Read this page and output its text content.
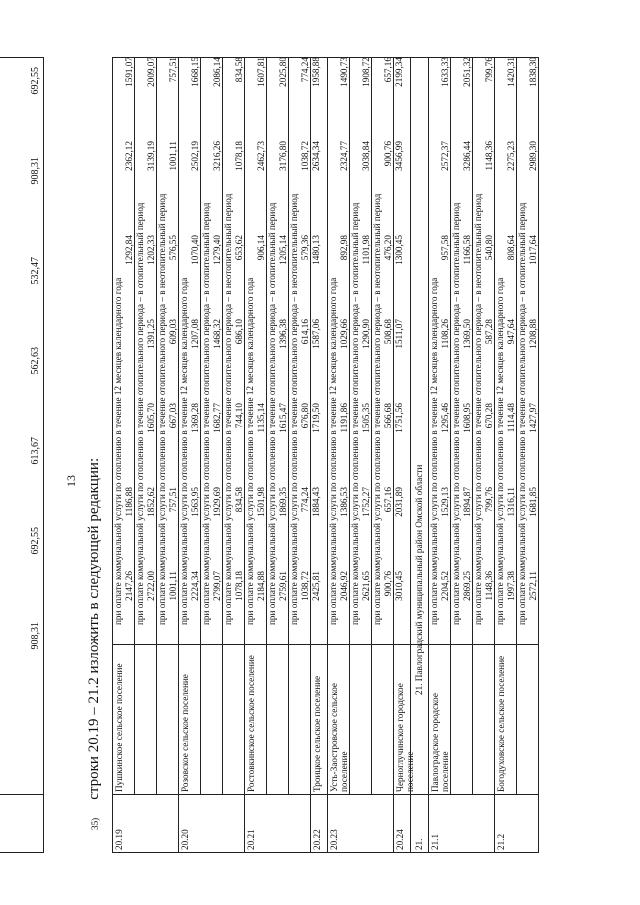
908,31
692,55
613,67
562,63
532,47
908,31
692,55
13
35)строки 20.19 – 21.2 изложить в следующей редакции:
при оплате коммунальной услуги по отоплению в течение 12 месяцев календарного года 2147,26
1186,88
1292,84
2362,12
1591,07
при оплате коммунальной услуги по отоплению в течение отопительного периода – в отопительный период 2722,00
1852,62
1605,70
1391,25
1202,33
3139,19
2009,07
при оплате коммунальной услуги по отоплению в течение отопительного периода – в неотопительный период 1001,11
757,51
667,03
609,03
576,55
1001,11
757,51
20.19
Пушкинское сельское поселение
при оплате коммунальной услуги по отоплению в течение 12 месяцев календарного года 2224,34
1563,95
1369,28
1207,08
1070,40
2502,19
1668,15
при оплате коммунальной услуги по отоплению в течение отопительного периода – в отопительный период 2799,07
1929,69
1682,77
1468,32
1279,40
3216,26
2086,14
при оплате коммунальной услуги по отоплению в течение отопительного периода – в неотопительный период 1078,18
834,58
744,10
686,10
653,62
1078,18
834,58
20.20
Розовское сельское поселение
при оплате коммунальной услуги по отоплению в течение 12 месяцев календарного года 2184,88
1501,98
1135,14
906,14
2462,73
1607,81
при оплате коммунальной услуги по отоплению в течение отопительного периода – в отопительный период 2759,61
1869,35
1615,47
1396,38
1205,14
3176,80
2025,80
при оплате коммунальной услуги по отоплению в течение отопительного периода – в неотопительный период 1038,72
774,24
676,80
614,16
579,36
1038,72
774,24
20.21
Ростовкинское сельское поселение
2425,81
1884,43
1719,50
1587,06
1480,13
2634,34
1958,88
20.22
Троицкое сельское поселение
при оплате коммунальной услуги по отоплению в течение 12 месяцев календарного года 2046,92
1386,53
1191,86
1029,66
892,98
2324,77
1490,73
при оплате коммунальной услуги по отоплению в течение отопительного периода – в отопительный период 2621,65
1752,27
1505,35
1290,90
1101,98
3038,84
1908,72
при оплате коммунальной услуги по отоплению в течение отопительного периода – в неотопительный период 900,76
657,16
566,68
508,68
476,20
900,76
657,16
20.23
Усть-Заостровское сельское поселение
3010,45
2031,89
1751,56
1511,07
1300,45
3456,99
2199,34
20.24
Черноглучинское городское поселение
21.
21. Павлоградский муниципальный район Омской области при оплате коммунальной услуги по отоплению в течение 12 месяцев календарного года 2204,52
1529,13
1295,46
1108,26
957,58
2572,37
1633,33
при оплате коммунальной услуги по отоплению в течение отопительного периода – в отопительный период 2869,25
1894,87
1608,95
1369,50
1166,58
3286,44
2051,32
при оплате коммунальной услуги по отоплению в течение отопительного периода – в неотопительный период 1148,36
799,76
670,28
587,28
540,80
1148,36
799,76
21.1
Павлоградское городское поселение
при оплате коммунальной услуги по отоплению в течение 12 месяцев календарного года 1997,38
1316,11
1114,48
947,64
808,64
2275,23
1420,31
при оплате коммунальной услуги по отоплению в течение отопительного периода – в отопительный период 2572,11
1681,85
1427,97
1208,88
1017,64
2989,30
1838,30
21.2
Богодуховское сельское поселение
